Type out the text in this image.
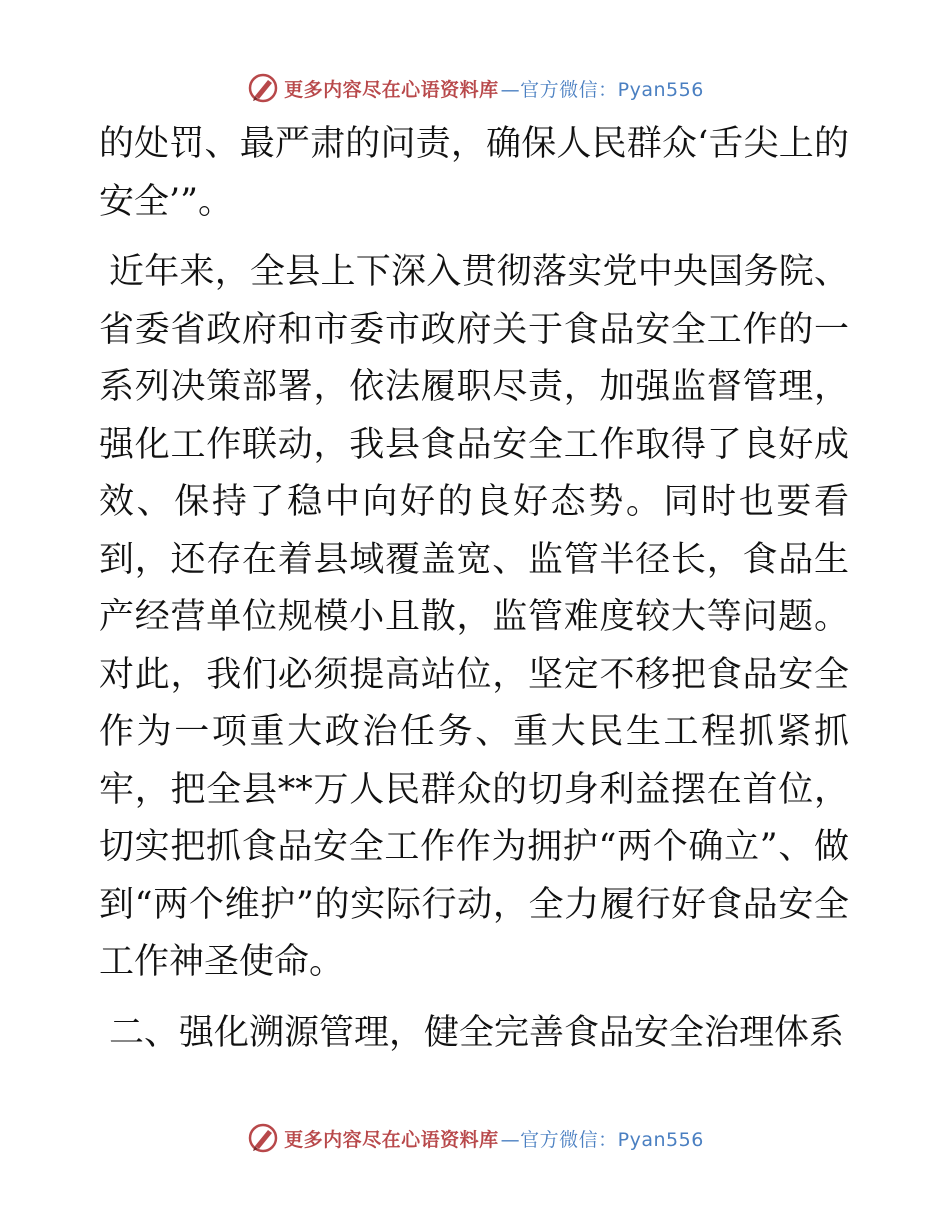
更多内容尽在心语资料库 —官方微信：Pyan556

的处罚、最严肃的问责，确保人民群众‘舌尖上的安全’”。

近年来，全县上下深入贯彻落实党中央国务院、省委省政府和市委市政府关于食品安全工作的一系列决策部署，依法履职尽责，加强监督管理，强化工作联动，我县食品安全工作取得了良好成效、保持了稳中向好的良好态势。同时也要看到，还存在着县域覆盖宽、监管半径长，食品生产经营单位规模小且散，监管难度较大等问题。对此，我们必须提高站位，坚定不移把食品安全作为一项重大政治任务、重大民生工程抓紧抓牢，把全县**万人民群众的切身利益摆在首位，切实把抓食品安全工作作为拥护“两个确立”、做到“两个维护”的实际行动，全力履行好食品安全工作神圣使命。

二、强化溯源管理，健全完善食品安全治理体系

更多内容尽在心语资料库 —官方微信：Pyan556
